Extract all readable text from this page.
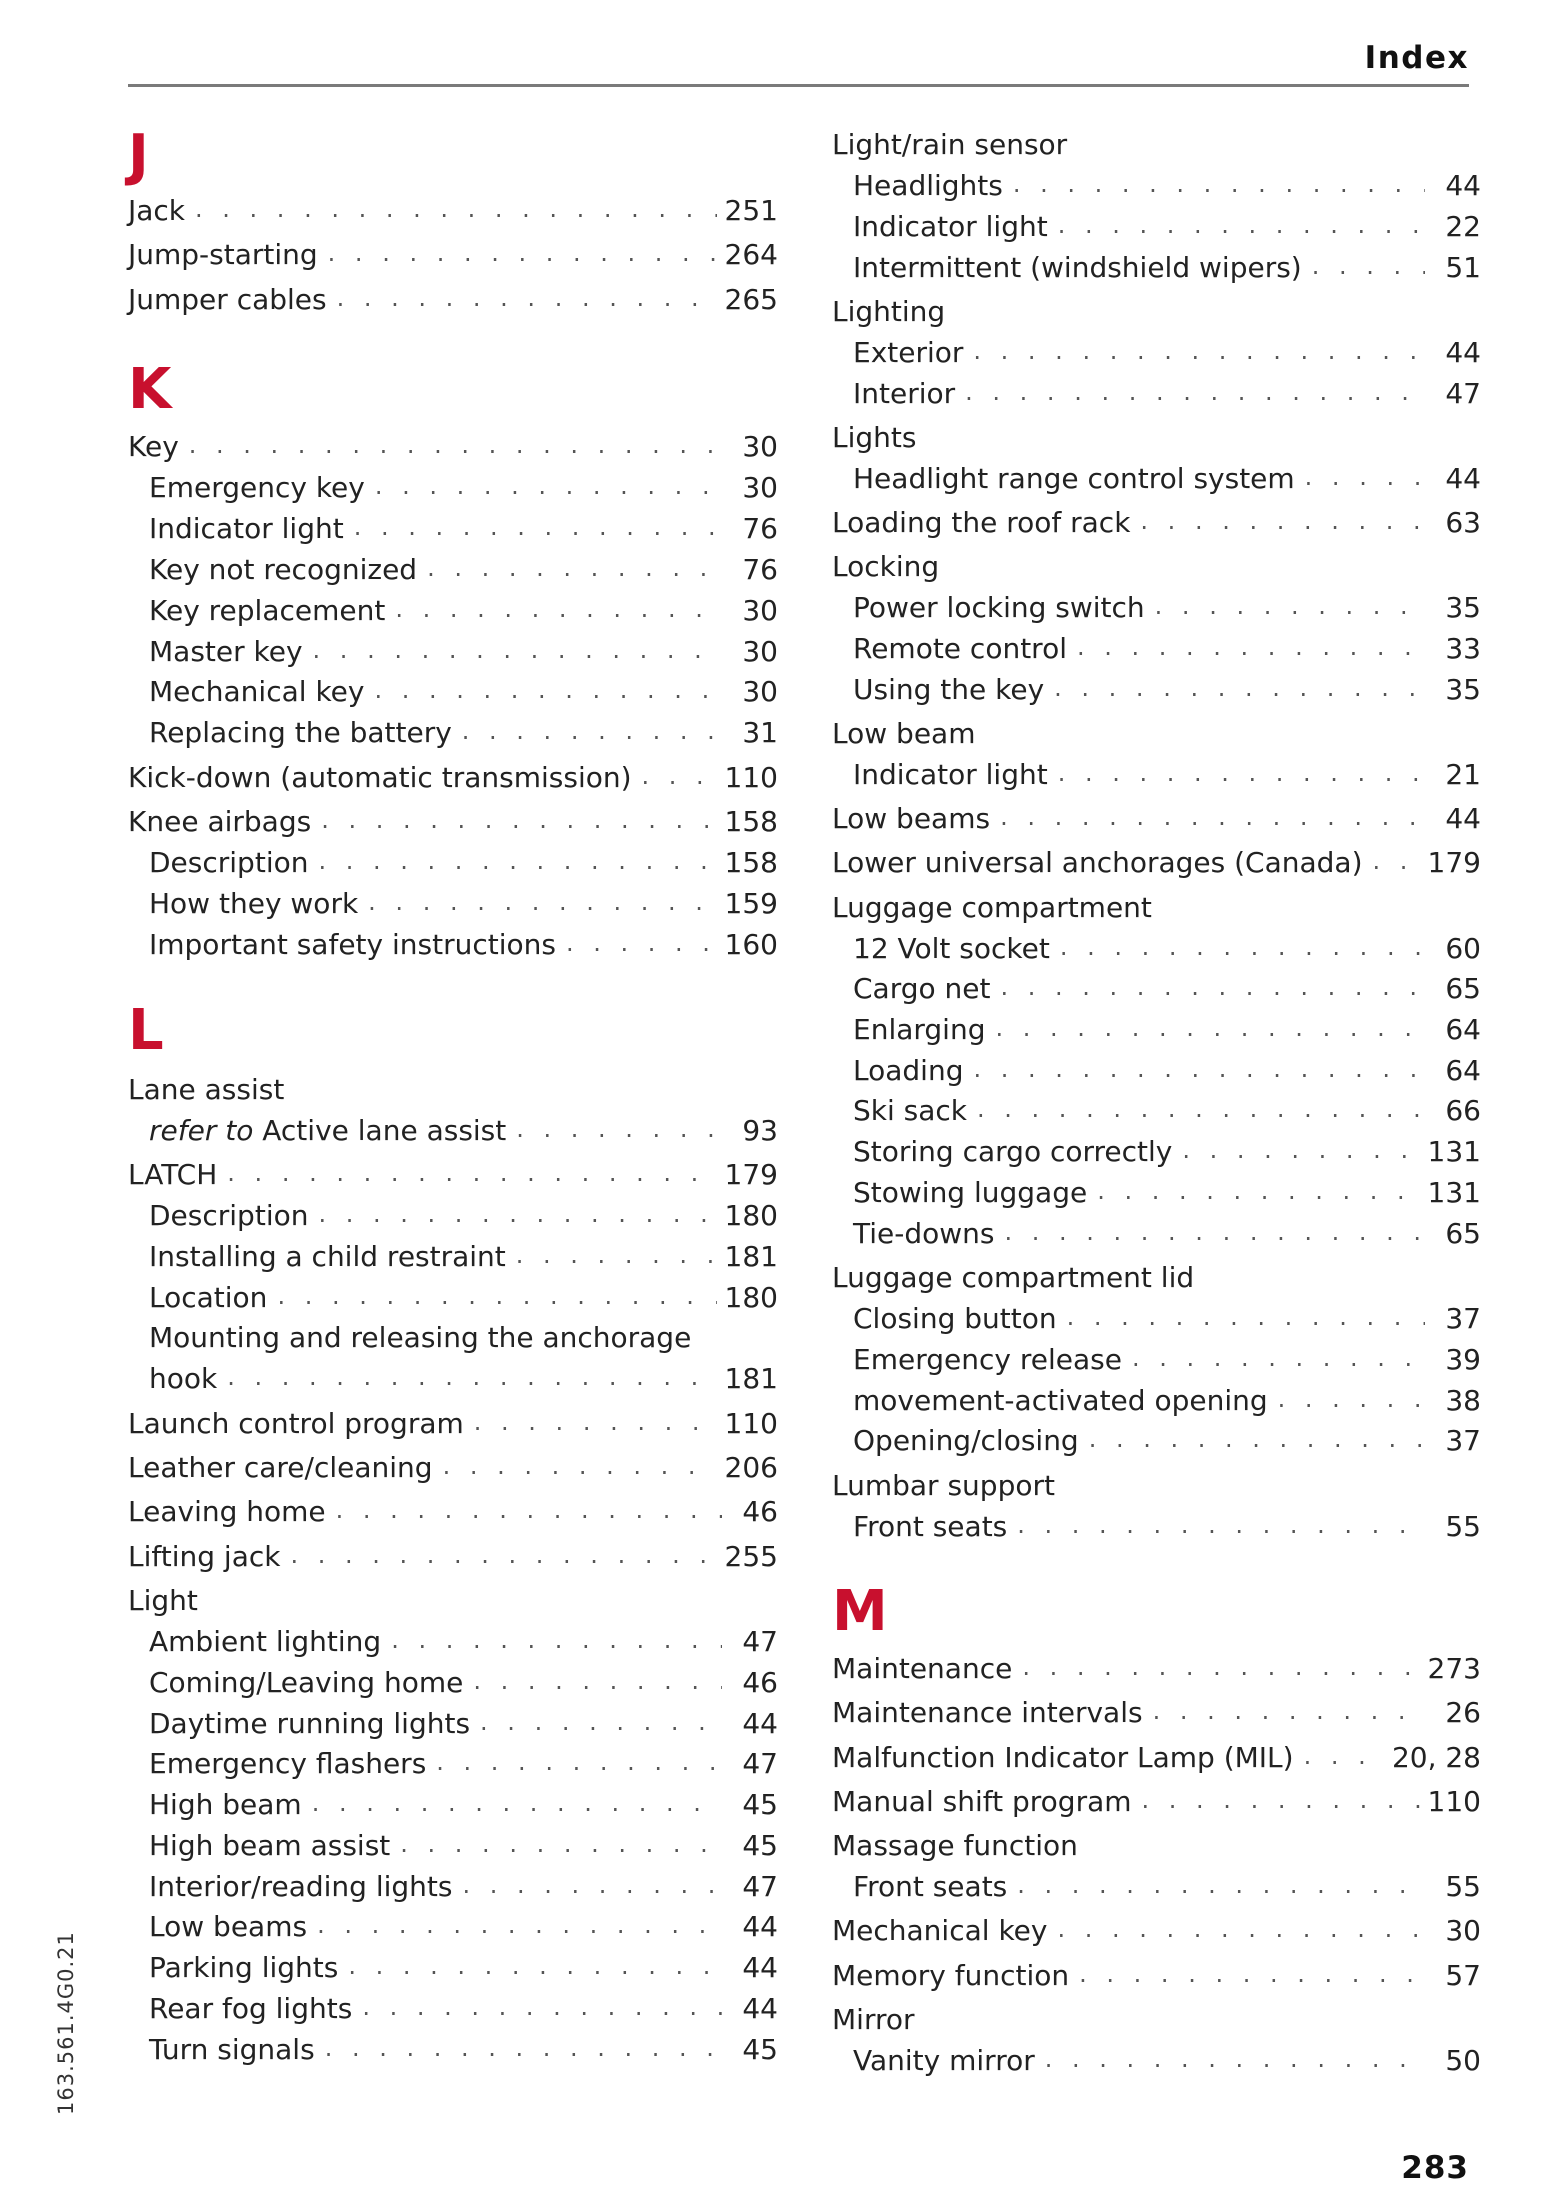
Index
J
Jack . . .	251
Jump-starting . . .	264
Jumper cables . . .	265
K
Key . . .	30
Emergency key . . .	30
Indicator light . . .	76
Key not recognized . . .	76
Key replacement . . .	30
Master key . . .	30
Mechanical key . . .	30
Replacing the battery . . .	31
Kick-down (automatic transmission) . . .	110
Knee airbags . . .	158
Description . . .	158
How they work . . .	159
Important safety instructions . . .	160
L
Lane assist
refer to Active lane assist . . .	93
LATCH . . .	179
Description . . .	180
Installing a child restraint . . .	181
Location . . .	180
Mounting and releasing the anchorage
hook . . .	181
Launch control program . . .	110
Leather care/cleaning . . .	206
Leaving home . . .	46
Lifting jack . . .	255
Light
Ambient lighting . . .	47
Coming/Leaving home . . .	46
Daytime running lights . . .	44
Emergency flashers . . .	47
High beam . . .	45
High beam assist . . .	45
Interior/reading lights . . .	47
Low beams . . .	44
Parking lights . . .	44
Rear fog lights . . .	44
Turn signals . . .	45
Light/rain sensor
Headlights . . .	44
Indicator light . . .	22
Intermittent (windshield wipers) . . .	51
Lighting
Exterior . . .	44
Interior . . .	47
Lights
Headlight range control system . . .	44
Loading the roof rack . . .	63
Locking
Power locking switch . . .	35
Remote control . . .	33
Using the key . . .	35
Low beam
Indicator light . . .	21
Low beams . . .	44
Lower universal anchorages (Canada) . . .	179
Luggage compartment
12 Volt socket . . .	60
Cargo net . . .	65
Enlarging . . .	64
Loading . . .	64
Ski sack . . .	66
Storing cargo correctly . . .	131
Stowing luggage . . .	131
Tie-downs . . .	65
Luggage compartment lid
Closing button . . .	37
Emergency release . . .	39
movement-activated opening . . .	38
Opening/closing . . .	37
Lumbar support
Front seats . . .	55
M
Maintenance . . .	273
Maintenance intervals . . .	26
Malfunction Indicator Lamp (MIL) . . .	20, 28
Manual shift program . . .	110
Massage function
Front seats . . .	55
Mechanical key . . .	30
Memory function . . .	57
Mirror
Vanity mirror . . .	50
163.561.4G0.21
283
